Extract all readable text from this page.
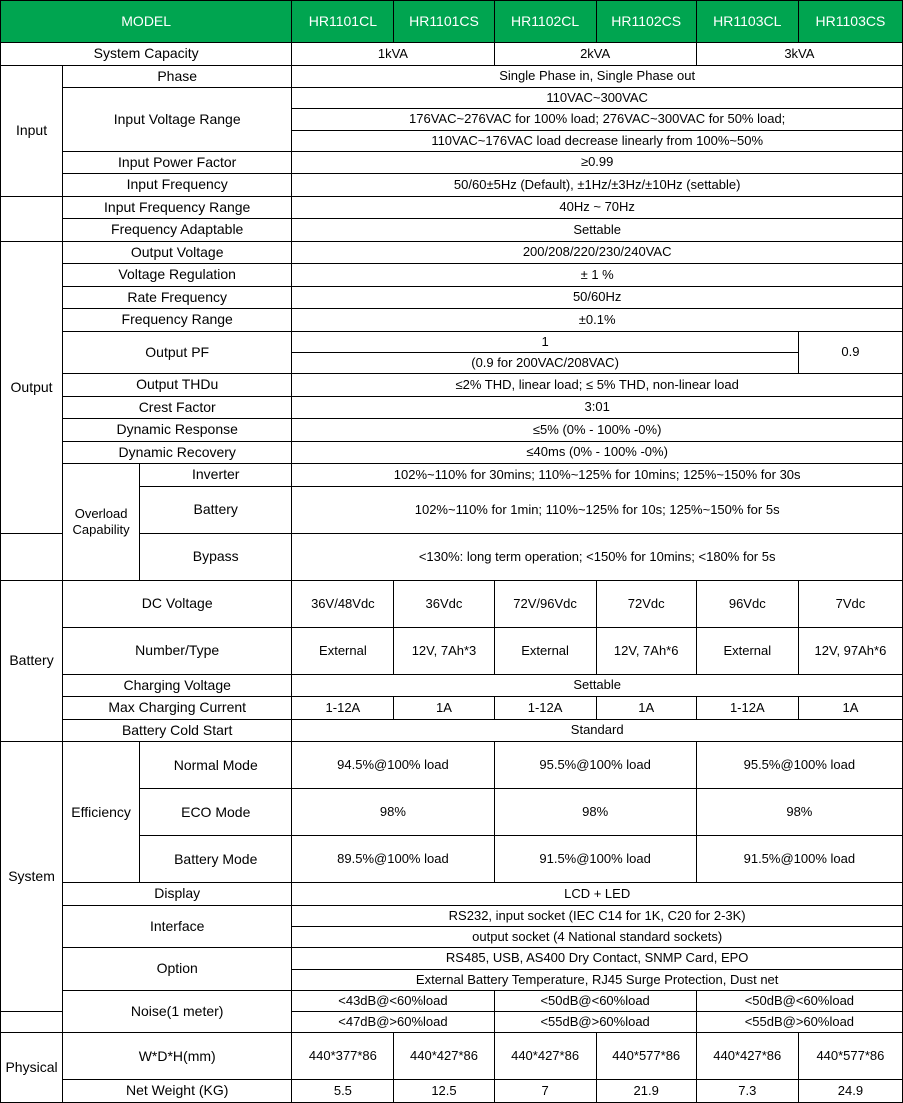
MODEL			HR1101CL	HR1101CS	HR1102CL	HR1102CS	HR1103CL	HR1103CS
System Capacity			1kVA		2kVA		3kVA	
Input	Phase		Single Phase in, Single Phase out					
	Input Voltage Range		110VAC~300VAC					
			176VAC~276VAC for 100% load; 276VAC~300VAC for 50% load;					
			110VAC~176VAC load decrease linearly from 100%~50%					
	Input Power Factor		≥0.99					
	Input Frequency		50/60±5Hz (Default), ±1Hz/±3Hz/±10Hz (settable)					
	Input Frequency Range		40Hz ~ 70Hz					
	Frequency Adaptable		Settable					
Output	Output Voltage		200/208/220/230/240VAC					
	Voltage Regulation		± 1 %					
	Rate Frequency		50/60Hz					
	Frequency Range		±0.1%					
	Output PF		1					0.9
			(0.9 for 200VAC/208VAC)					
	Output THDu		≤2% THD, linear load; ≤ 5% THD, non-linear load					
	Crest Factor		3:01					
	Dynamic Response		≤5% (0% - 100% -0%)					
	Dynamic Recovery		≤40ms (0% - 100% -0%)					
	Overload Capability	Inverter	102%~110% for 30mins; 110%~125% for 10mins; 125%~150% for 30s					
		Battery	102%~110% for 1min; 110%~125% for 10s; 125%~150% for 5s					
		Bypass	<130%: long term operation; <150% for 10mins; <180% for 5s					
Battery	DC Voltage		36V/48Vdc	36Vdc	72V/96Vdc	72Vdc	96Vdc	7Vdc
	Number/Type		External	12V, 7Ah*3	External	12V, 7Ah*6	External	12V, 97Ah*6
	Charging Voltage		Settable					
	Max Charging Current		1-12A	1A	1-12A	1A	1-12A	1A
	Battery Cold Start		Standard					
System	Efficiency	Normal Mode	94.5%@100% load		95.5%@100% load		95.5%@100% load	
		ECO Mode	98%		98%		98%	
		Battery Mode	89.5%@100% load		91.5%@100% load		91.5%@100% load	
	Display		LCD + LED					
	Interface		RS232, input socket (IEC C14 for 1K, C20 for 2-3K)					
			output socket (4 National standard sockets)					
	Option		RS485, USB, AS400 Dry Contact, SNMP Card, EPO					
			External Battery Temperature, RJ45 Surge Protection, Dust net					
	Noise(1 meter)		<43dB@<60%load		<50dB@<60%load		<50dB@<60%load	
			<47dB@>60%load		<55dB@>60%load		<55dB@>60%load	
Physical	W*D*H(mm)		440*377*86	440*427*86	440*427*86	440*577*86	440*427*86	440*577*86
	Net Weight (KG)		5.5	12.5	7	21.9	7.3	24.9
